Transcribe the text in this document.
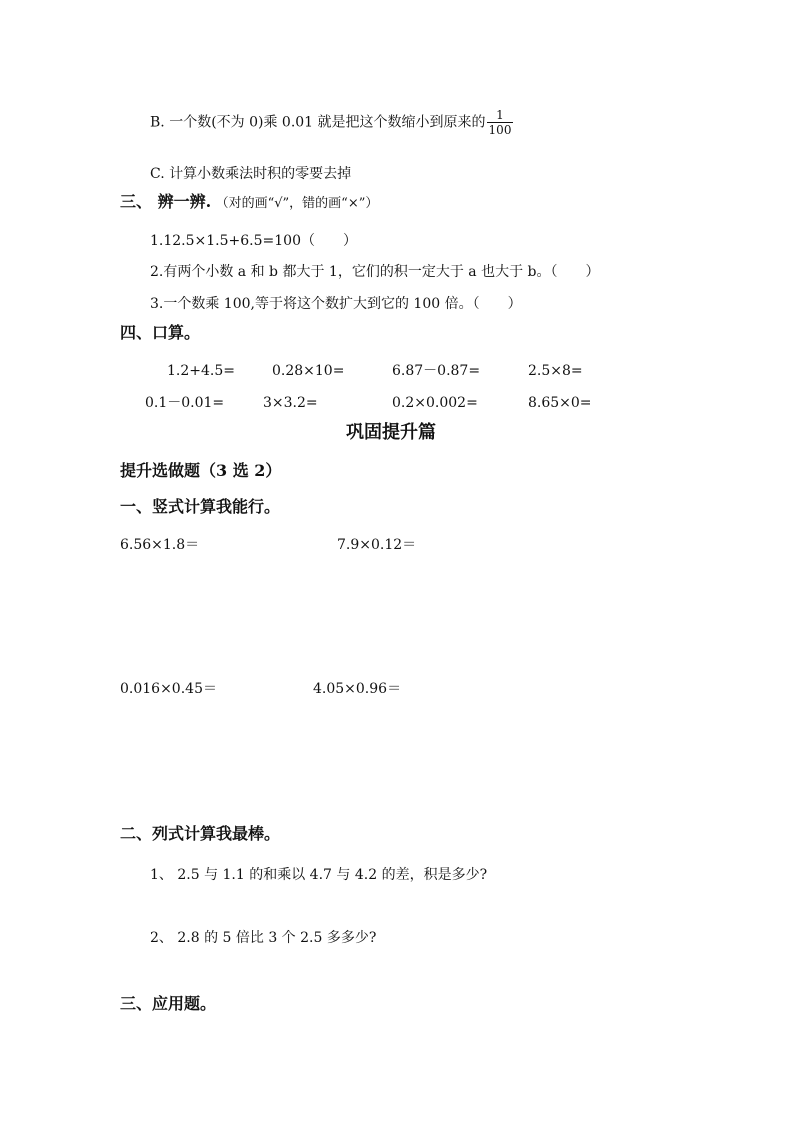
B. 一个数(不为 0)乘 0.01 就是把这个数缩小到原来的 $\frac{1}{100}$
C. 计算小数乘法时积的零要去掉
三、 辨一辨. （对的画“√”，错的画“×”）
1.12.5×1.5+6.5=100（　　）
2.有两个小数 a 和 b 都大于 1，它们的积一定大于 a 也大于 b。（　　）
3.一个数乘 100,等于将这个数扩大到它的 100 倍。（　　）
四、口算。
1.2+4.5=	0.28×10=	6.87－0.87=	2.5×8=
0.1－0.01=	3×3.2=	0.2×0.002=	8.65×0=
巩固提升篇
提升选做题（3 选 2）
一、竖式计算我能行。
6.56×1.8＝	7.9×0.12＝
0.016×0.45＝	4.05×0.96＝
二、列式计算我最棒。
1、 2.5 与 1.1 的和乘以 4.7 与 4.2 的差，积是多少?
2、 2.8 的 5 倍比 3 个 2.5 多多少?
三、应用题。
